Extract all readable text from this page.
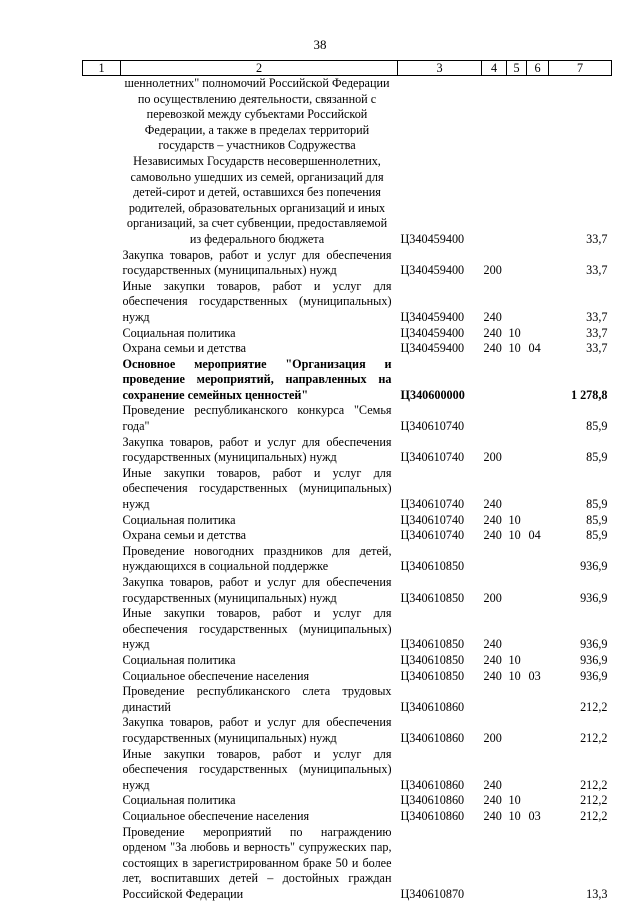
38
1	2	3	4	5	6	7
	шеннолетних" полномочий Российской Федерации по осуществлению деятельности, связанной с перевозкой между субъектами Российской Федерации, а также в пределах территорий государств – участников Содружества Независимых Государств несовершеннолетних, самовольно ушедших из семей, организаций для детей-сирот и детей, оставшихся без попечения родителей, образовательных организаций и иных организаций, за счет субвенции, предоставляемой из федерального бюджета	Ц340459400				33,7
	Закупка товаров, работ и услуг для обеспечения государственных (муниципальных) нужд	Ц340459400	200			33,7
	Иные закупки товаров, работ и услуг для обеспечения государственных (муниципальных) нужд	Ц340459400	240			33,7
	Социальная политика	Ц340459400	240	10		33,7
	Охрана семьи и детства	Ц340459400	240	10	04	33,7
	Основное мероприятие "Организация и проведение мероприятий, направленных на сохранение семейных ценностей"	Ц340600000				1 278,8
	Проведение республиканского конкурса "Семья года"	Ц340610740				85,9
	Закупка товаров, работ и услуг для обеспечения государственных (муниципальных) нужд	Ц340610740	200			85,9
	Иные закупки товаров, работ и услуг для обеспечения государственных (муниципальных) нужд	Ц340610740	240			85,9
	Социальная политика	Ц340610740	240	10		85,9
	Охрана семьи и детства	Ц340610740	240	10	04	85,9
	Проведение новогодних праздников для детей, нуждающихся в социальной поддержке	Ц340610850				936,9
	Закупка товаров, работ и услуг для обеспечения государственных (муниципальных) нужд	Ц340610850	200			936,9
	Иные закупки товаров, работ и услуг для обеспечения государственных (муниципальных) нужд	Ц340610850	240			936,9
	Социальная политика	Ц340610850	240	10		936,9
	Социальное обеспечение населения	Ц340610850	240	10	03	936,9
	Проведение республиканского слета трудовых династий	Ц340610860				212,2
	Закупка товаров, работ и услуг для обеспечения государственных (муниципальных) нужд	Ц340610860	200			212,2
	Иные закупки товаров, работ и услуг для обеспечения государственных (муниципальных) нужд	Ц340610860	240			212,2
	Социальная политика	Ц340610860	240	10		212,2
	Социальное обеспечение населения	Ц340610860	240	10	03	212,2
	Проведение мероприятий по награждению орденом "За любовь и верность" супружеских пар, состоящих в зарегистрированном браке 50 и более лет, воспитавших детей – достойных граждан Российской Федерации	Ц340610870				13,3
